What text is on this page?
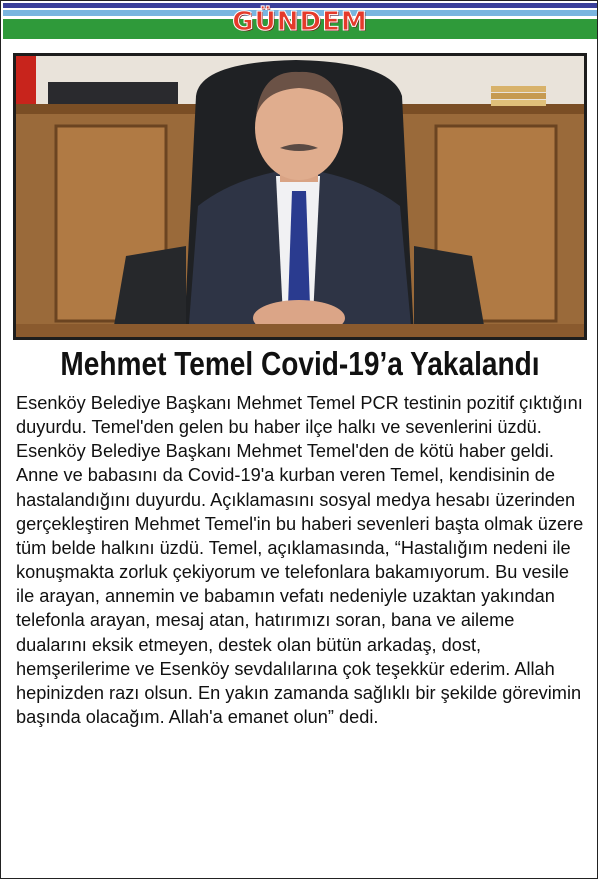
GÜNDEM
Mehmet Temel Covid-19’a Yakalandı

Esenköy Belediye Başkanı Mehmet Temel PCR testinin pozitif çıktığını duyurdu. Temel'den gelen bu haber ilçe halkı ve sevenlerini üzdü.

Esenköy Belediye Başkanı Mehmet Temel'den de kötü haber geldi. Anne ve babasını da Covid-19'a kurban veren Temel, kendisinin de hastalandığını duyurdu. Açıklamasını sosyal medya hesabı üzerinden gerçekleştiren Mehmet Temel'in bu haberi sevenleri başta olmak üzere tüm belde halkını üzdü. Temel, açıklamasında, “Hastalığım nedeni ile konuşmakta zorluk çekiyorum ve telefonlara bakamıyorum. Bu vesile ile arayan, annemin ve babamın vefatı nedeniyle uzaktan yakından telefonla arayan, mesaj atan, hatırımızı soran, bana ve aileme dualarını eksik etmeyen, destek olan bütün arkadaş, dost, hemşerilerime ve Esenköy sevdalılarına çok teşekkür ederim. Allah hepinizden razı olsun. En yakın zamanda sağlıklı bir şekilde görevimin başında olacağım. Allah'a emanet olun” dedi.
